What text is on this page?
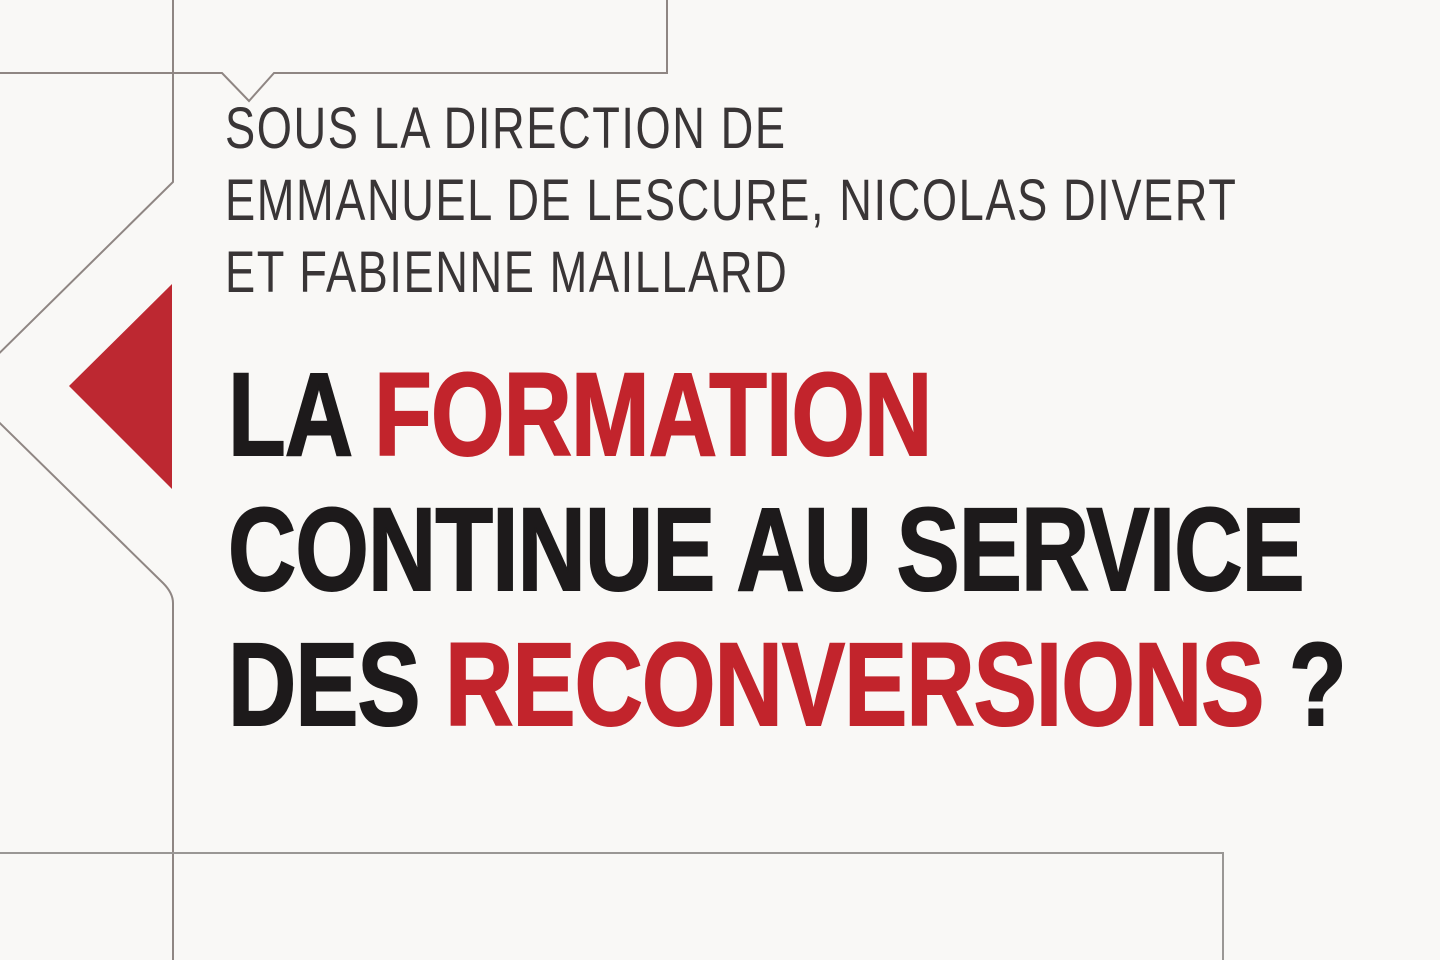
SOUS LA DIRECTION DE
EMMANUEL DE LESCURE, NICOLAS DIVERT
ET FABIENNE MAILLARD
LA FORMATION
CONTINUE AU SERVICE
DES RECONVERSIONS ?
